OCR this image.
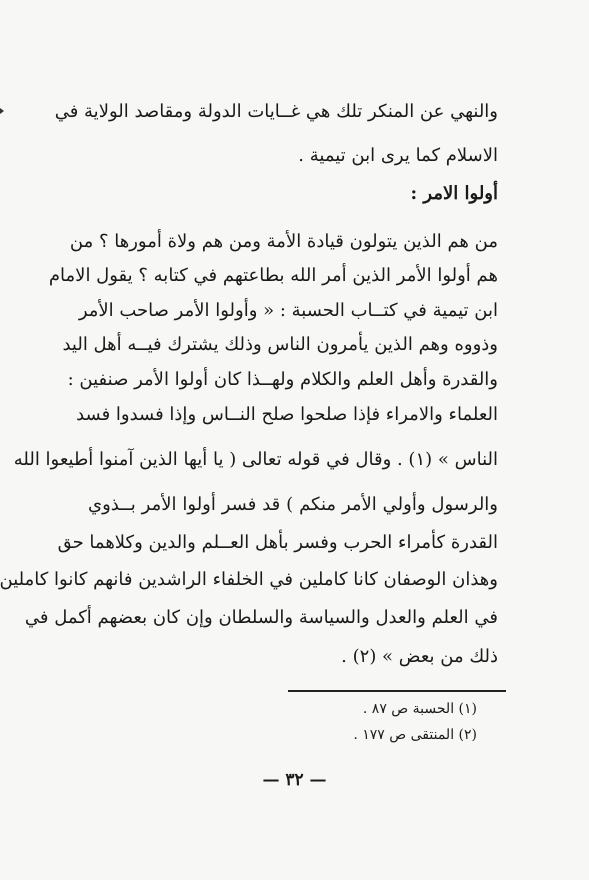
والنهي عن المنكر تلك هي غــايات الدولة ومقاصد الولاية في
الاسلام كما يرى ابن تيمية .
أولوا الامر :
من هم الذين يتولون قيادة الأمة ومن هم ولاة أمورها ؟ من
هم أولوا الأمر الذين أمر الله بطاعتهم في كتابه ؟ يقول الامام
ابن تيمية في كتــاب الحسبة : « وأولوا الأمر صاحب الأمر
وذووه وهم الذين يأمرون الناس وذلك يشترك فيــه أهل اليد
والقدرة وأهل العلم والكلام ولهــذا كان أولوا الأمر صنفين :
العلماء والامراء فإذا صلحوا صلح النــاس وإذا فسدوا فسد
الناس » (١) . وقال في قوله تعالى ( يا أيها الذين آمنوا أطيعوا الله
والرسول وأولي الأمر منكم ) قد فسر أولوا الأمر بــذوي
القدرة كأمراء الحرب وفسر بأهل العــلم والدين وكلاهما حق
وهذان الوصفان كانا كاملين في الخلفاء الراشدين فانهم كانوا كاملين
في العلم والعدل والسياسة والسلطان وإن كان بعضهم أكمل في
ذلك من بعض » (٢) .
(١) الحسبة ص ٨٧ .
(٢) المنتقى ص ١٧٧ .
— ٣٢ —
